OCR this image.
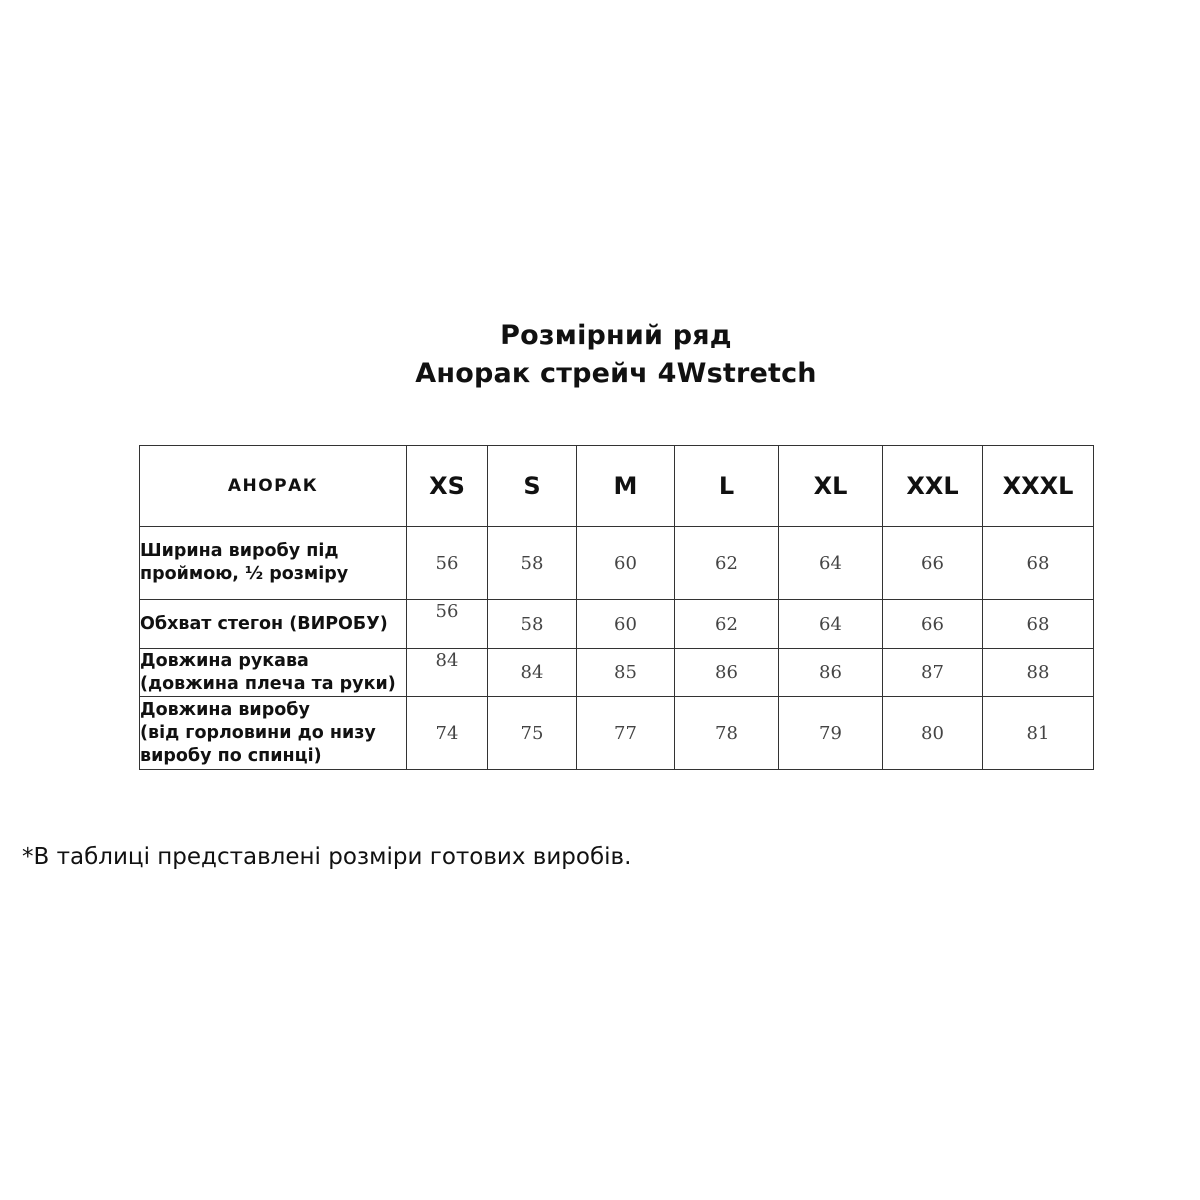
Розмірний ряд
Анорак стрейч 4Wstretch
АНОРАК	XS	S	M	L	XL	XXL	XXXL

Ширина виробу під
проймою, ½ розміру	56	58	60	62	64	66	68

Обхват стегон (ВИРОБУ)	56	58	60	62	64	66	68

Довжина рукава
(довжина плеча та руки)	84	84	85	86	86	87	88

Довжина виробу
(від горловини до низу
виробу по спинці)	74	75	77	78	79	80	81
*В таблиці представлені розміри готових виробів.
